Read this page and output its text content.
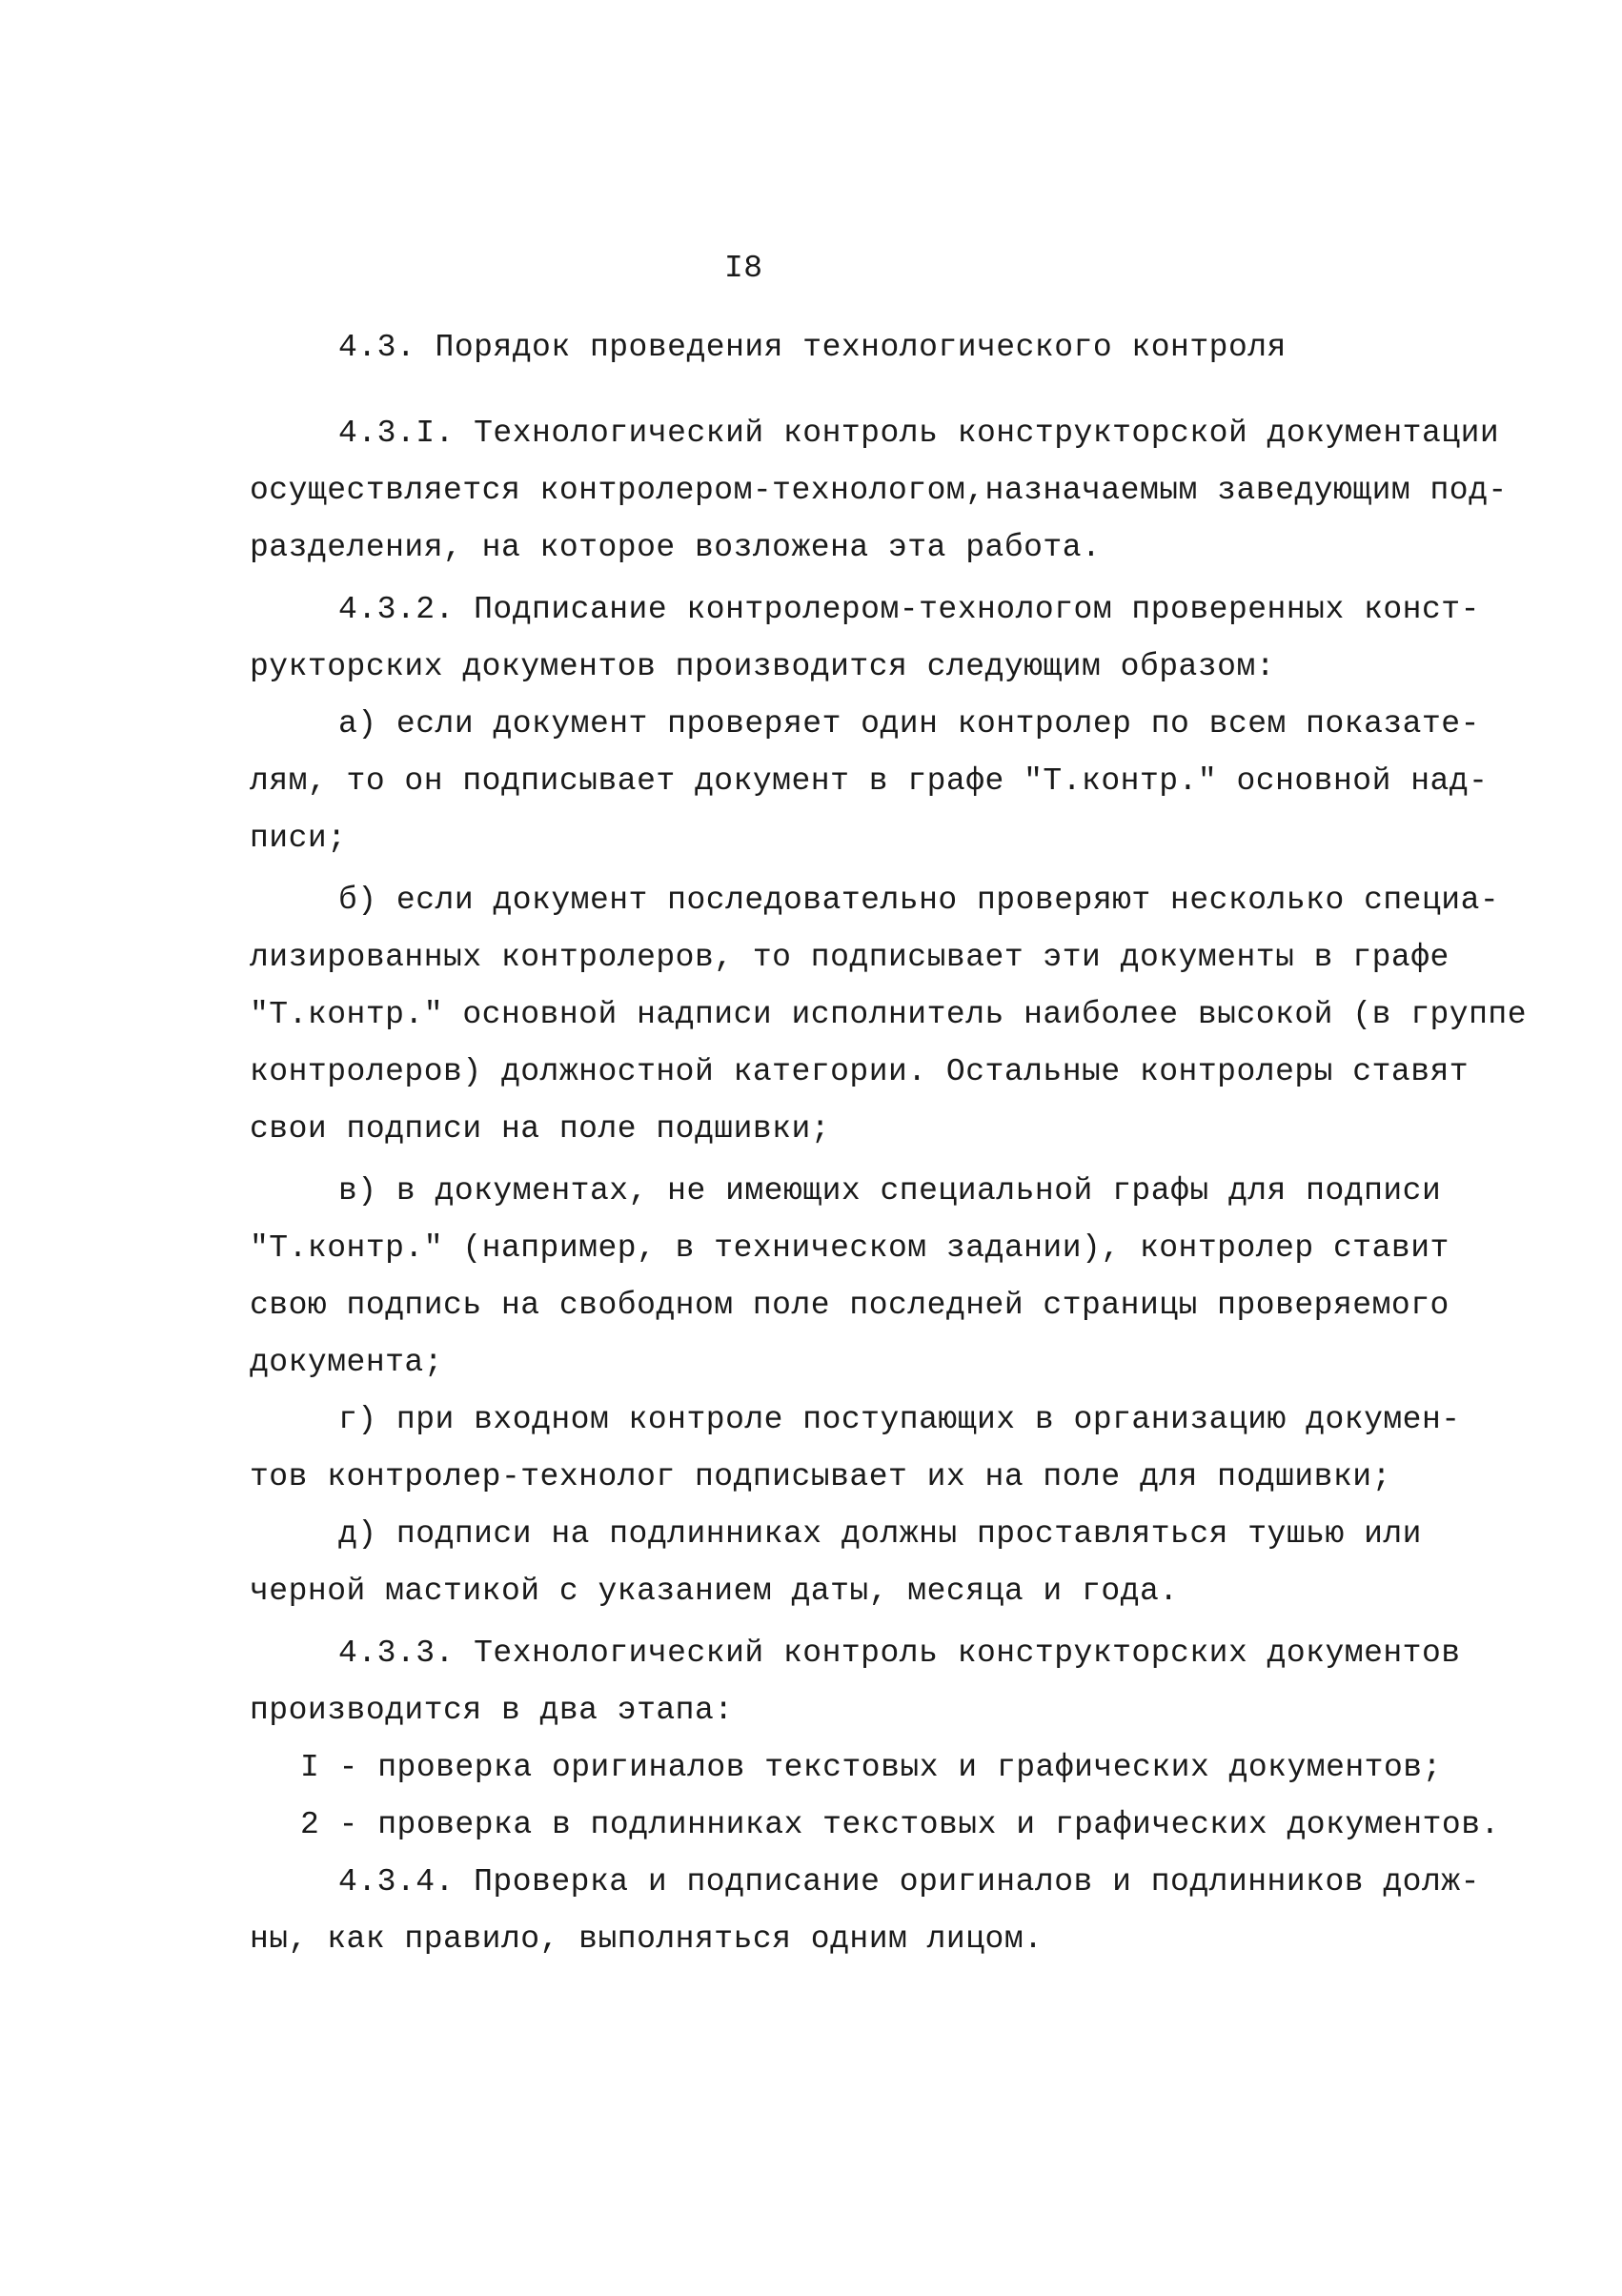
I8
4.3. Порядок проведения технологического контроля
4.3.I. Технологический контроль конструкторской документации
осуществляется контролером-технологом,назначаемым заведующим под-
разделения, на которое возложена эта работа.
4.3.2. Подписание контролером-технологом проверенных конст-
рукторских документов производится следующим образом:
а) если документ проверяет один контролер по всем показате-
лям, то он подписывает документ в графе "Т.контр." основной над-
писи;
б) если документ последовательно проверяют несколько специа-
лизированных контролеров, то подписывает эти документы в графе
"Т.контр." основной надписи исполнитель наиболее высокой (в группе
контролеров) должностной категории. Остальные контролеры ставят
свои подписи на поле подшивки;
в) в документах, не имеющих специальной графы для подписи
"Т.контр." (например, в техническом задании), контролер ставит
свою подпись на свободном поле последней страницы проверяемого
документа;
г) при входном контроле поступающих в организацию докумен-
тов контролер-технолог подписывает их на поле для подшивки;
д) подписи на подлинниках должны проставляться тушью или
черной мастикой с указанием даты, месяца и года.
4.3.3. Технологический контроль конструкторских документов
производится в два этапа:
I - проверка оригиналов текстовых и графических документов;
2 - проверка в подлинниках текстовых и графических документов.
4.3.4. Проверка и подписание оригиналов и подлинников долж-
ны, как правило, выполняться одним лицом.
